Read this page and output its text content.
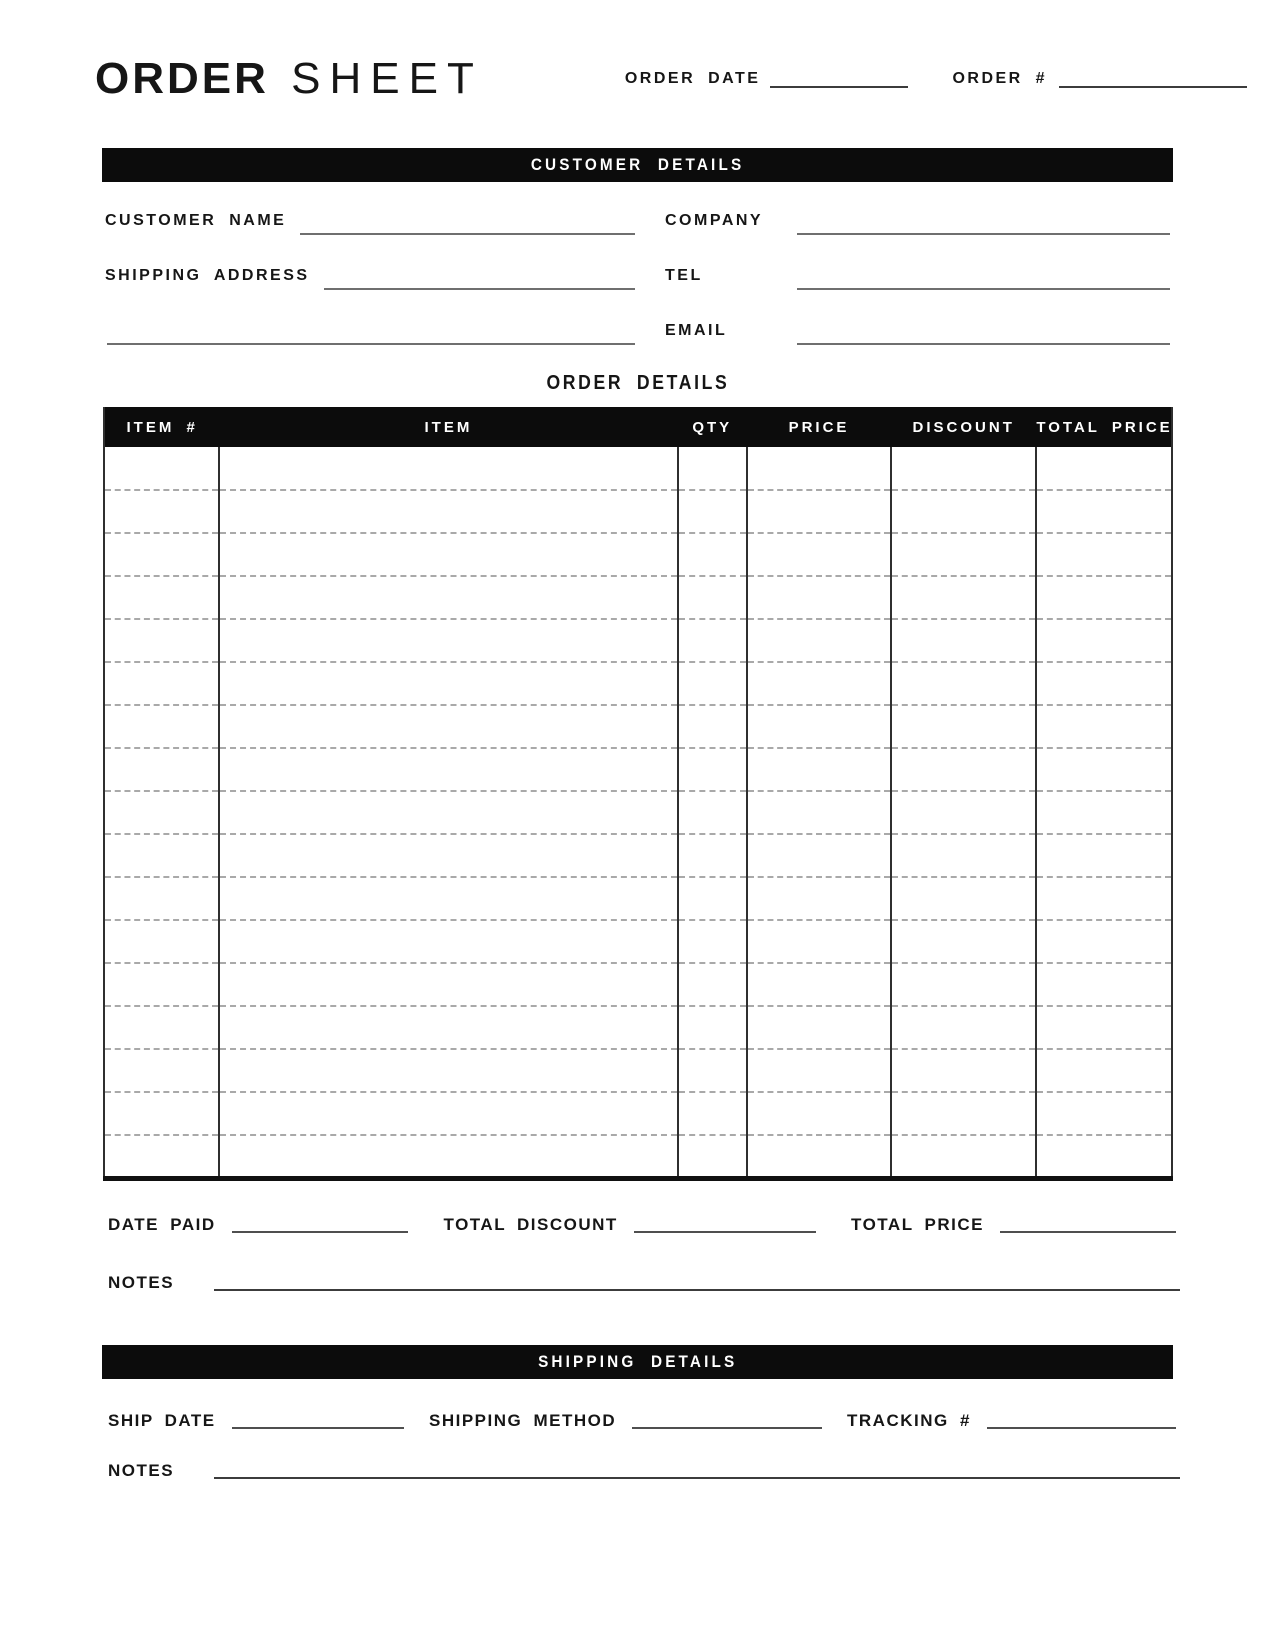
ORDER SHEET	ORDER DATE	ORDER #
CUSTOMER DETAILS
CUSTOMER NAME	COMPANY
SHIPPING ADDRESS	TEL
EMAIL
ORDER DETAILS
ITEM #	ITEM	QTY	PRICE	DISCOUNT	TOTAL PRICE

DATE PAID	TOTAL DISCOUNT	TOTAL PRICE
NOTES
SHIPPING DETAILS
SHIP DATE	SHIPPING METHOD	TRACKING #
NOTES
